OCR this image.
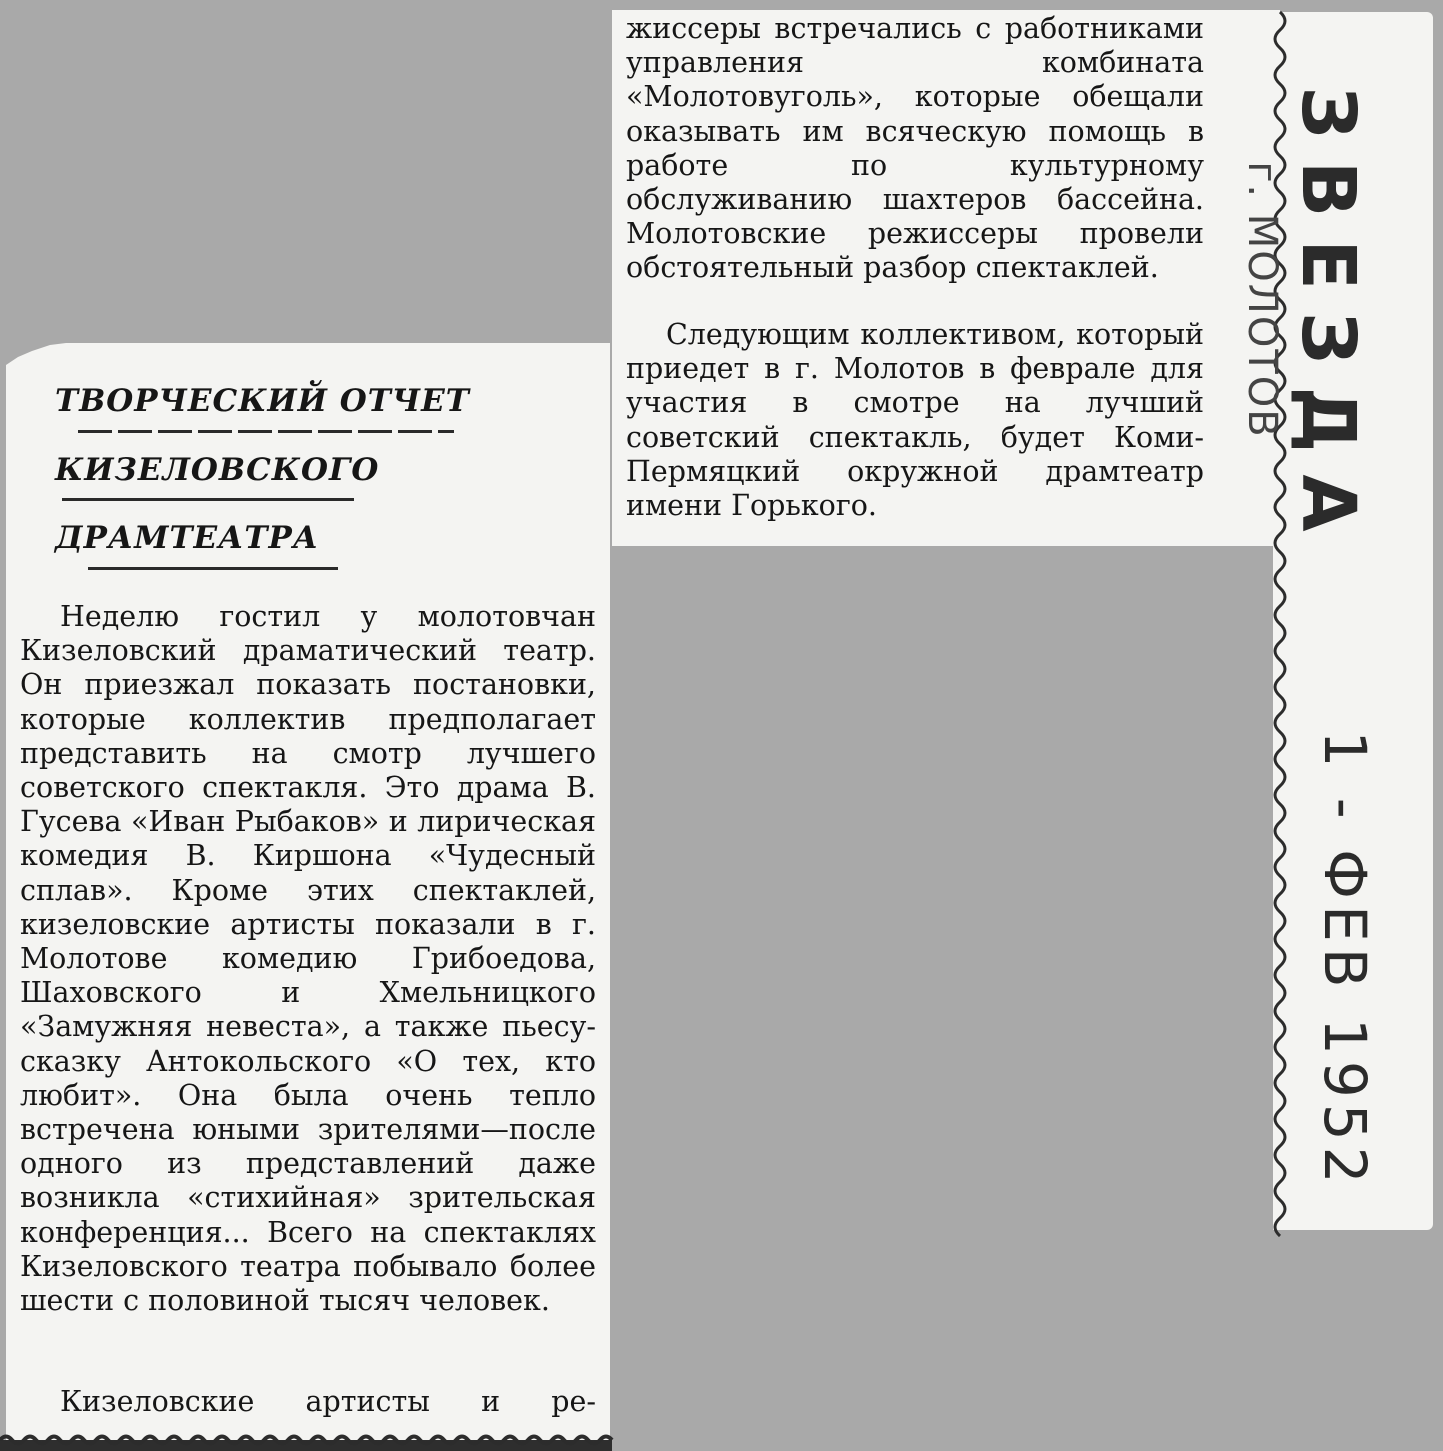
ТВОРЧЕСКИЙ ОТЧЕТ
КИЗЕЛОВСКОГО
ДРАМТЕАТРА

Неделю гостил у молотовчан Кизеловский драматический театр. Он приезжал показать постановки, которые коллектив предполагает представить на смотр лучшего советского спектакля. Это драма В. Гусева «Иван Рыбаков» и лирическая комедия В. Киршона «Чудесный сплав». Кроме этих спектаклей, кизеловские артисты показали в г. Молотове комедию Грибоедова, Шаховского и Хмельницкого «Замужняя невеста», а также пьесу-сказку Антокольского «О тех, кто любит». Она была очень тепло встречена юными зрителями—после одного из представлений даже возникла «стихийная» зрительская конференция... Всего на спектаклях Кизеловского театра побывало более шести с половиной тысяч человек.

Кизеловские артисты и ре-

жиссеры встречались с работниками управления комбината «Молотовуголь», которые обещали оказывать им всяческую помощь в работе по культурному обслуживанию шахтеров бассейна. Молотовские режиссеры провели обстоятельный разбор спектаклей.

Следующим коллективом, который приедет в г. Молотов в феврале для участия в смотре на лучший советский спектакль, будет Коми-Пермяцкий окружной драмтеатр имени Горького.	ЗВЕЗДА
г. МОЛОТОВ
1 - ФЕВ 1952
